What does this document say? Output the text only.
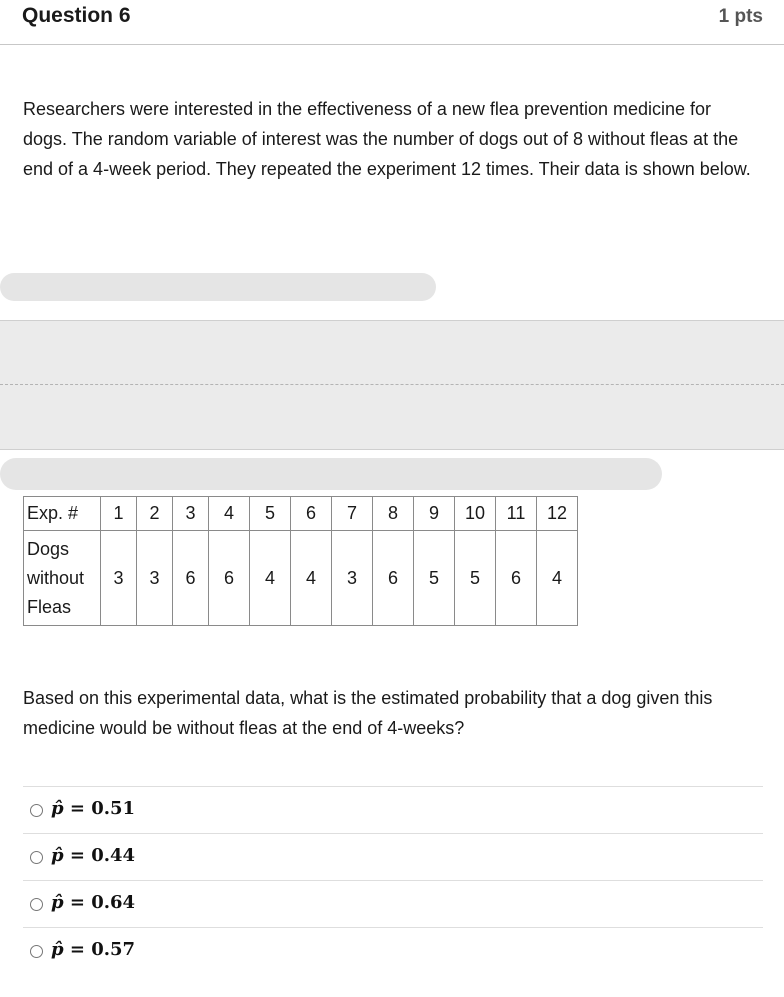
Question 6	1 pts

Researchers were interested in the effectiveness of a new flea prevention medicine for dogs. The random variable of interest was the number of dogs out of 8 without fleas at the end of a 4-week period. They repeated the experiment 12 times. Their data is shown below.

Exp. #	1	2	3	4	5	6	7	8	9	10	11	12

Dogs
without
Fleas	3	3	6	6	4	4	3	6	5	5	6	4

Based on this experimental data, what is the estimated probability that a dog given this medicine would be without fleas at the end of 4-weeks?

p̂ = 0.51
p̂ = 0.44
p̂ = 0.64
p̂ = 0.57
